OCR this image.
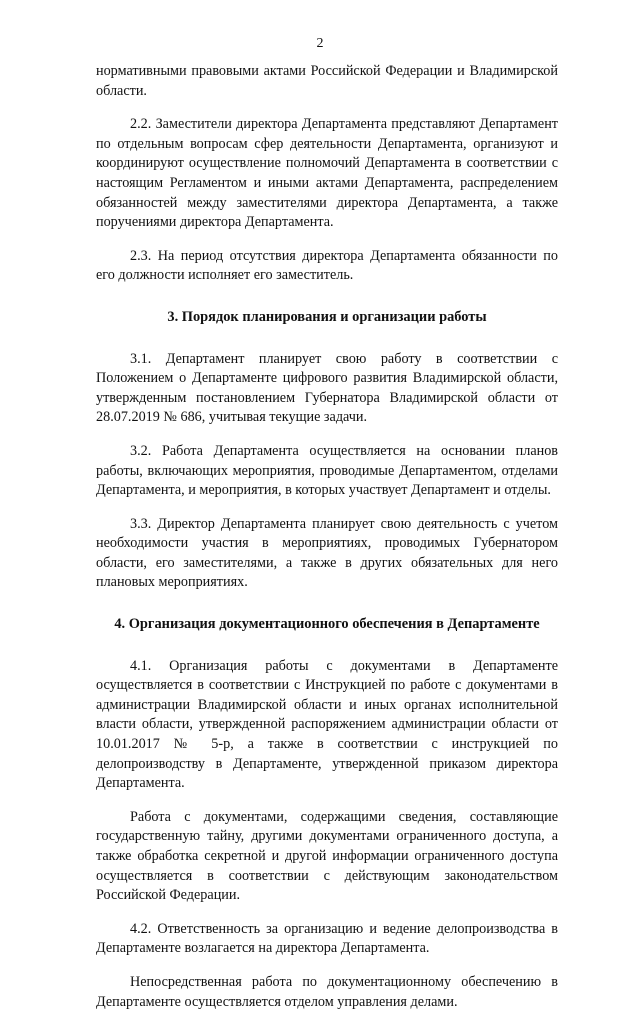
2

нормативными правовыми актами Российской Федерации и Владимирской области.

2.2. Заместители директора Департамента представляют Департамент по отдельным вопросам сфер деятельности Департамента, организуют и координируют осуществление полномочий Департамента в соответствии с настоящим Регламентом и иными актами Департамента, распределением обязанностей между заместителями директора Департамента, а также поручениями директора Департамента.

2.3. На период отсутствия директора Департамента обязанности по его должности исполняет его заместитель.

3. Порядок планирования и организации работы

3.1. Департамент планирует свою работу в соответствии с Положением о Департаменте цифрового развития Владимирской области, утвержденным постановлением Губернатора Владимирской области от 28.07.2019 № 686, учитывая текущие задачи.

3.2. Работа Департамента осуществляется на основании планов работы, включающих мероприятия, проводимые Департаментом, отделами Департамента, и мероприятия, в которых участвует Департамент и отделы.

3.3. Директор Департамента планирует свою деятельность с учетом необходимости участия в мероприятиях, проводимых Губернатором области, его заместителями, а также в других обязательных для него плановых мероприятиях.

4. Организация документационного обеспечения в Департаменте

4.1. Организация работы с документами в Департаменте осуществляется в соответствии с Инструкцией по работе с документами в администрации Владимирской области и иных органах исполнительной власти области, утвержденной распоряжением администрации области от 10.01.2017 № 5-р, а также в соответствии с инструкцией по делопроизводству в Департаменте, утвержденной приказом директора Департамента.

Работа с документами, содержащими сведения, составляющие государственную тайну, другими документами ограниченного доступа, а также обработка секретной и другой информации ограниченного доступа осуществляется в соответствии с действующим законодательством Российской Федерации.

4.2. Ответственность за организацию и ведение делопроизводства в Департаменте возлагается на директора Департамента.

Непосредственная работа по документационному обеспечению в Департаменте осуществляется отделом управления делами.
